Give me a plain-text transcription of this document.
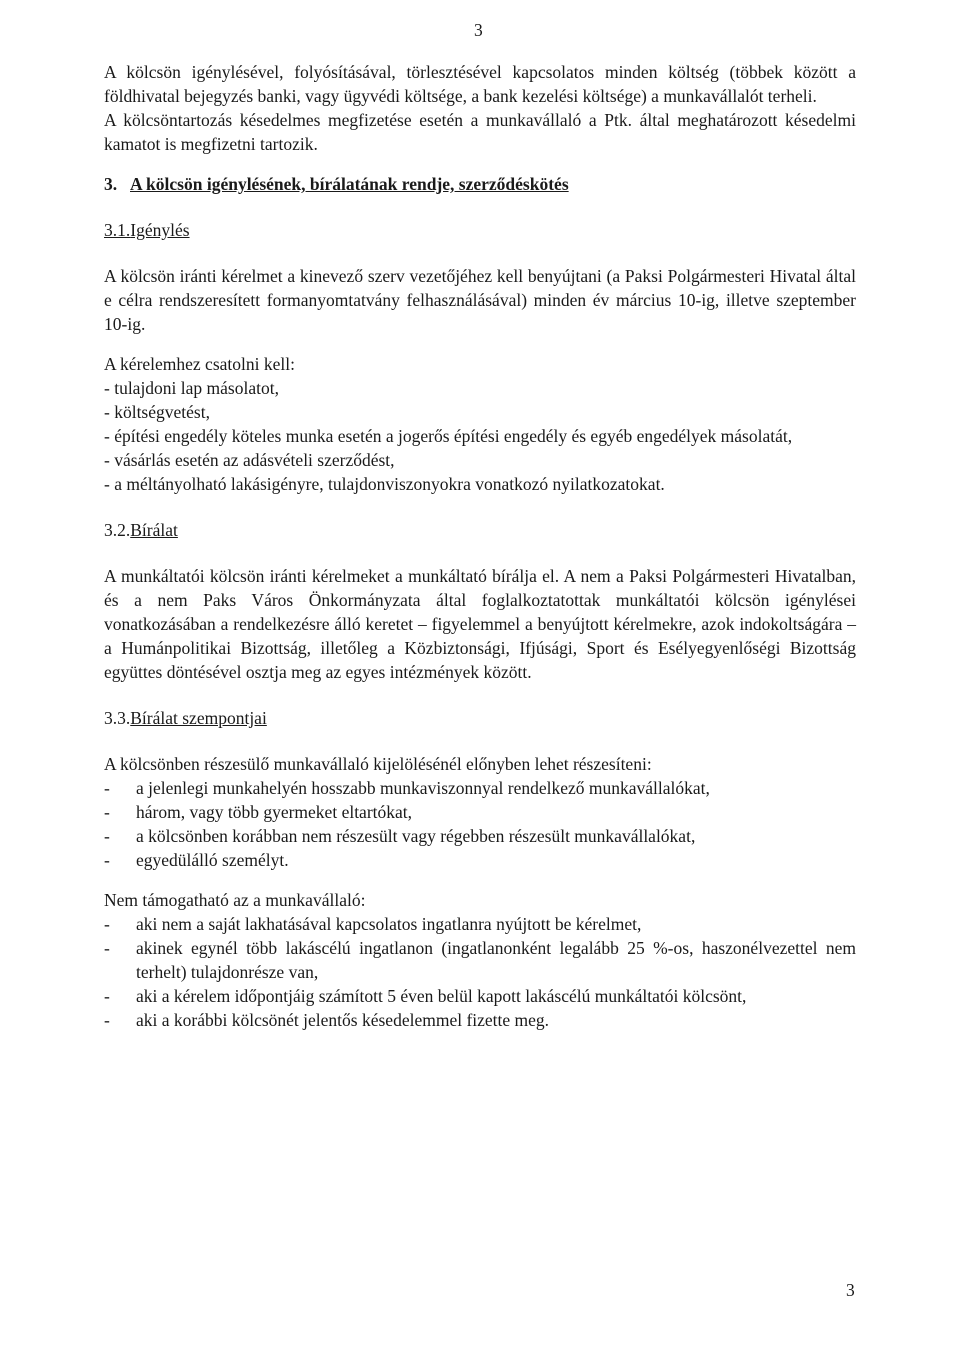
3

A kölcsön igénylésével, folyósításával, törlesztésével kapcsolatos minden költség (többek között a földhivatal bejegyzés banki, vagy ügyvédi költsége, a bank kezelési költsége) a munkavállalót terheli.

A kölcsöntartozás késedelmes megfizetése esetén a munkavállaló a Ptk. által meghatározott késedelmi kamatot is megfizetni tartozik.

3. A kölcsön igénylésének, bírálatának rendje, szerződéskötés

3.1.Igénylés

A kölcsön iránti kérelmet a kinevező szerv vezetőjéhez kell benyújtani (a Paksi Polgármesteri Hivatal által e célra rendszeresített formanyomtatvány felhasználásával) minden év március 10-ig, illetve szeptember 10-ig.

A kérelemhez csatolni kell:

- tulajdoni lap másolatot,
- költségvetést,
- építési engedély köteles munka esetén a jogerős építési engedély és egyéb engedélyek másolatát,
- vásárlás esetén az adásvételi szerződést,
- a méltányolható lakásigényre, tulajdonviszonyokra vonatkozó nyilatkozatokat.

3.2.Bírálat

A munkáltatói kölcsön iránti kérelmeket a munkáltató bírálja el. A nem a Paksi Polgármesteri Hivatalban, és a nem Paks Város Önkormányzata által foglalkoztatottak munkáltatói kölcsön igénylései vonatkozásában a rendelkezésre álló keretet – figyelemmel a benyújtott kérelmekre, azok indokoltságára – a Humánpolitikai Bizottság, illetőleg a Közbiztonsági, Ifjúsági, Sport és Esélyegyenlőségi Bizottság együttes döntésével osztja meg az egyes intézmények között.

3.3.Bírálat szempontjai

A kölcsönben részesülő munkavállaló kijelölésénél előnyben lehet részesíteni:

- a jelenlegi munkahelyén hosszabb munkaviszonnyal rendelkező munkavállalókat,
- három, vagy több gyermeket eltartókat,
- a kölcsönben korábban nem részesült vagy régebben részesült munkavállalókat,
- egyedülálló személyt.

Nem támogatható az a munkavállaló:

- aki nem a saját lakhatásával kapcsolatos ingatlanra nyújtott be kérelmet,
- akinek egynél több lakáscélú ingatlanon (ingatlanonként legalább 25 %-os, haszonélvezettel nem terhelt) tulajdonrésze van,
- aki a kérelem időpontjáig számított 5 éven belül kapott lakáscélú munkáltatói kölcsönt,
- aki a korábbi kölcsönét jelentős késedelemmel fizette meg.
3
